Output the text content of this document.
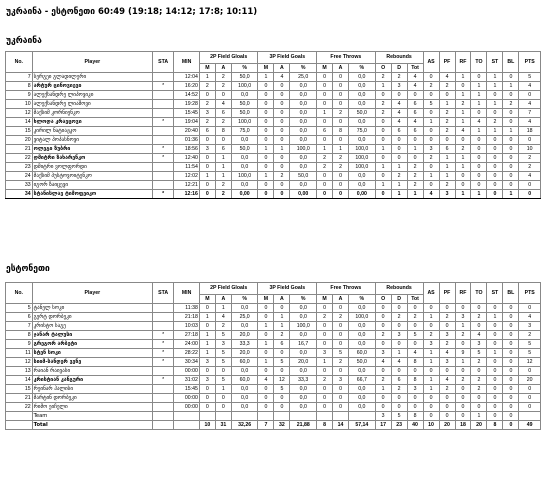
უკრაინა - ესტონეთი 60:49 (19:18; 14:12; 17:8; 10:11)
უკრაინა
No.	Player	STA	MIN	2P Field Gloals			3P Field Goals			Free Throws			Rebounds			AS	PF	RF	TO	ST	BL	PTS
				M	A	%	M	A	%	M	A	%	O	D	Tot							
7	სერგეი გლადილერი		12:04	1	2	50,0	1	4	25,0	0	0	0,0	2	2	4	0	4	1	0	1	0	5
8	არტურ ცინოვიევი	*	16:20	2	2	100,0	0	0	0,0	0	0	0,0	1	3	4	2	2	0	1	1	1	4
9	ალექსანდრე ლიპოვიკი		14:52	0	0	0,0	0	0	0,0	0	0	0,0	0	0	0	0	0	1	1	0	0	0
10	ალექსანდრე ლიაშოვი		19:28	2	4	50,0	0	0	0,0	0	0	0,0	2	4	6	5	1	2	1	1	2	4
12	მაქსიმ კორნიენკო		15:45	3	6	50,0	0	0	0,0	1	2	50,0	2	4	6	0	2	1	0	0	0	7
14	ხლოდა კრავცოვი	*	19:04	2	2	100,0	0	0	0,0	0	0	0,0	0	4	4	1	2	1	4	2	0	4
15	კირილ ნატიაჟკო		20:40	6	8	75,0	0	0	0,0	6	8	75,0	0	6	6	0	2	4	1	1	1	18
20	ვიტალ პოპასნოვი		01:36	0	0	0,0	0	0	0,0	0	0	0,0	0	0	0	0	0	0	0	0	0	0
21	ოლეგი ზუბრი	*	18:56	3	6	50,0	1	1	100,0	1	1	100,0	1	0	1	3	6	2	0	0	0	10
22	დმიტრი ზახარენკო	*	12:40	0	1	0,0	0	0	0,0	2	2	100,0	0	0	0	2	1	1	0	0	0	2
23	დმიტრი ვოლფორდი		11:54	0	1	0,0	0	0	0,0	2	2	100,0	1	1	2	0	1	1	0	0	0	2
24	მაქსიმ პუსტოვოიტენკო		12:02	1	1	100,0	1	2	50,0	0	0	0,0	0	2	2	1	1	0	0	0	0	4
33	იგორ ზაიცევი		12:21	0	2	0,0	0	0	0,0	0	0	0,0	1	1	2	0	2	0	0	0	0	0
34	სტანისლავ ტიმოფეიკო	*	12:16	0	2	0,00	0	0	0,00	0	0	0,00	0	1	1	4	3	1	1	0	1	0
ესტონეთი
No.	Player	STA	MIN	2P Field Gloals			3P Field Goals			Free Throws			Rebounds			AS	PF	RF	TO	ST	BL	PTS
				M	A	%	M	A	%	M	A	%	O	D	Tot							
5	ტანელ სოკი		11:38	0	1	0,0	0	0	0,0	0	0	0,0	0	0	0	0	0	0	0	0	0	0
6	გერტ დორბეკი		21:18	1	4	25,0	0	1	0,0	2	2	100,0	0	2	2	1	2	3	2	1	0	4
7	კრისტო საგე		10:03	0	2	0,0	1	1	100,0	0	0	0,0	0	0	0	0	0	1	0	0	0	3
8	ჯანარ ტალუსი	*	27:18	1	5	20,0	0	2	0,0	0	0	0,0	2	3	5	2	3	2	4	0	0	2
9	გრეგორ არბეტი	*	24:00	1	3	33,3	1	6	16,7	0	0	0,0	0	0	0	3	2	0	3	0	0	5
11	სტენ სოკი	*	28:22	1	5	20,0	0	0	0,0	3	5	60,0	3	1	4	1	4	9	5	1	0	5
12	სიიმ-სანდერ ვენე	*	30:34	3	5	60,0	1	5	20,0	1	2	50,0	4	4	8	1	3	1	2	0	0	12
13	რაიან რაივასი		00:00	0	0	0,0	0	0	0,0	0	0	0,0	0	0	0	0	0	0	0	0	0	0
14	კრისტიან კანგური	*	31:02	3	5	60,0	4	12	33,3	2	3	66,7	2	6	8	1	4	2	2	0	0	20
15	რეინარ ჰალისი		15:45	0	1	0,0	0	5	0,0	0	0	0,0	1	2	3	1	2	0	2	0	0	0
21	მარტინ დორბეკი		00:00	0	0	0,0	0	0	0,0	0	0	0,0	0	0	0	0	0	0	0	0	0	0
22	რიმო ეიჩელი		00:00	0	0	0,0	0	0	0,0	0	0	0,0	0	0	0	0	0	0	0	0	0	0
	Team												3	5	8	0	0	0	1	0	0	
	Total			10	31	32,26	7	32	21,88	8	14	57,14	17	23	40	10	20	18	20	8	0	49
